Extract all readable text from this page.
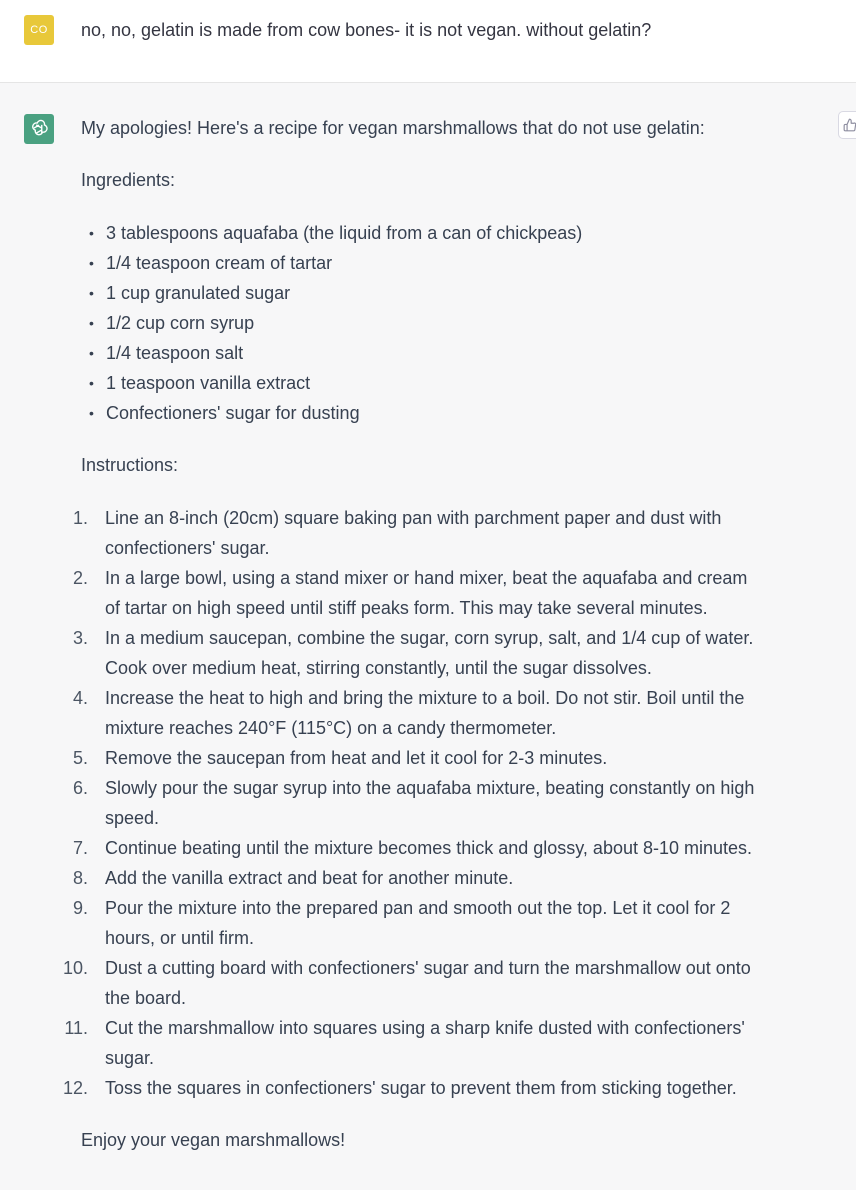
CO	no, no, gelatin is made from cow bones- it is not vegan. without gelatin?

My apologies! Here's a recipe for vegan marshmallows that do not use gelatin:

Ingredients:

• 3 tablespoons aquafaba (the liquid from a can of chickpeas)
• 1/4 teaspoon cream of tartar
• 1 cup granulated sugar
• 1/2 cup corn syrup
• 1/4 teaspoon salt
• 1 teaspoon vanilla extract
• Confectioners' sugar for dusting

Instructions:

1. Line an 8-inch (20cm) square baking pan with parchment paper and dust with
confectioners' sugar.
2. In a large bowl, using a stand mixer or hand mixer, beat the aquafaba and cream
of tartar on high speed until stiff peaks form. This may take several minutes.
3. In a medium saucepan, combine the sugar, corn syrup, salt, and 1/4 cup of water.
Cook over medium heat, stirring constantly, until the sugar dissolves.
4. Increase the heat to high and bring the mixture to a boil. Do not stir. Boil until the
mixture reaches 240°F (115°C) on a candy thermometer.
5. Remove the saucepan from heat and let it cool for 2-3 minutes.
6. Slowly pour the sugar syrup into the aquafaba mixture, beating constantly on high
speed.
7. Continue beating until the mixture becomes thick and glossy, about 8-10 minutes.
8. Add the vanilla extract and beat for another minute.
9. Pour the mixture into the prepared pan and smooth out the top. Let it cool for 2
hours, or until firm.
10. Dust a cutting board with confectioners' sugar and turn the marshmallow out onto
the board.
11. Cut the marshmallow into squares using a sharp knife dusted with confectioners'
sugar.
12. Toss the squares in confectioners' sugar to prevent them from sticking together.

Enjoy your vegan marshmallows!
